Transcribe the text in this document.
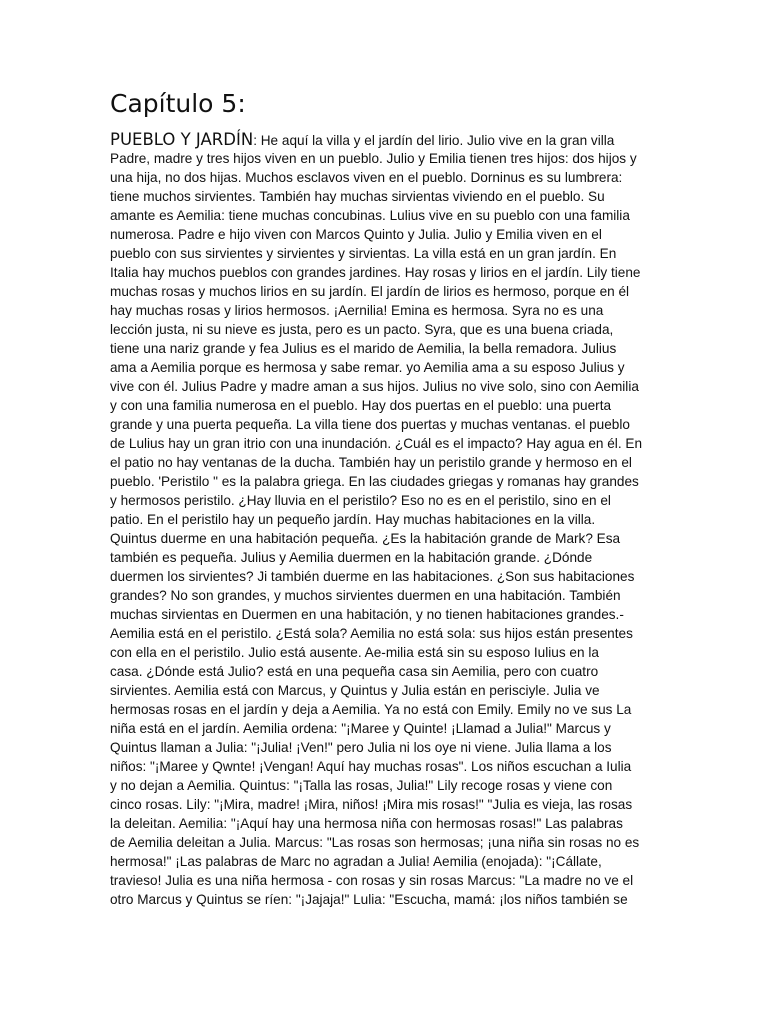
Capítulo 5:
PUEBLO Y JARDÍN: He aquí la villa y el jardín del lirio. Julio vive en la gran villa
Padre, madre y tres hijos viven en un pueblo. Julio y Emilia tienen tres hijos: dos hijos y
una hija, no dos hijas. Muchos esclavos viven en el pueblo. Dorninus es su lumbrera:
tiene muchos sirvientes. También hay muchas sirvientas viviendo en el pueblo. Su
amante es Aemilia: tiene muchas concubinas. Lulius vive en su pueblo con una familia
numerosa. Padre e hijo viven con Marcos Quinto y Julia. Julio y Emilia viven en el
pueblo con sus sirvientes y sirvientes y sirvientas. La villa está en un gran jardín. En
Italia hay muchos pueblos con grandes jardines. Hay rosas y lirios en el jardín. Lily tiene
muchas rosas y muchos lirios en su jardín. El jardín de lirios es hermoso, porque en él
hay muchas rosas y lirios hermosos. ¡Aernilia! Emina es hermosa. Syra no es una
lección justa, ni su nieve es justa, pero es un pacto. Syra, que es una buena criada,
tiene una nariz grande y fea Julius es el marido de Aemilia, la bella remadora. Julius
ama a Aemilia porque es hermosa y sabe remar. yo Aemilia ama a su esposo Julius y
vive con él. Julius Padre y madre aman a sus hijos. Julius no vive solo, sino con Aemilia
y con una familia numerosa en el pueblo. Hay dos puertas en el pueblo: una puerta
grande y una puerta pequeña. La villa tiene dos puertas y muchas ventanas. el pueblo
de Lulius hay un gran itrio con una inundación. ¿Cuál es el impacto? Hay agua en él. En
el patio no hay ventanas de la ducha. También hay un peristilo grande y hermoso en el
pueblo. 'Peristilo " es la palabra griega. En las ciudades griegas y romanas hay grandes
y hermosos peristilo. ¿Hay lluvia en el peristilo? Eso no es en el peristilo, sino en el
patio. En el peristilo hay un pequeño jardín. Hay muchas habitaciones en la villa.
Quintus duerme en una habitación pequeña. ¿Es la habitación grande de Mark? Esa
también es pequeña. Julius y Aemilia duermen en la habitación grande. ¿Dónde
duermen los sirvientes? Ji también duerme en las habitaciones. ¿Son sus habitaciones
grandes? No son grandes, y muchos sirvientes duermen en una habitación. También
muchas sirvientas en Duermen en una habitación, y no tienen habitaciones grandes.-
Aemilia está en el peristilo. ¿Está sola? Aemilia no está sola: sus hijos están presentes
con ella en el peristilo. Julio está ausente. Ae-milia está sin su esposo Iulius en la
casa. ¿Dónde está Julio? está en una pequeña casa sin Aemilia, pero con cuatro
sirvientes. Aemilia está con Marcus, y Quintus y Julia están en perisciyle. Julia ve
hermosas rosas en el jardín y deja a Aemilia. Ya no está con Emily. Emily no ve sus La
niña está en el jardín. Aemilia ordena: "¡Maree y Quinte! ¡Llamad a Julia!" Marcus y
Quintus llaman a Julia: "¡Julia! ¡Ven!" pero Julia ni los oye ni viene. Julia llama a los
niños: "¡Maree y Qwnte! ¡Vengan! Aquí hay muchas rosas". Los niños escuchan a Iulia
y no dejan a Aemilia. Quintus: "¡Talla las rosas, Julia!" Lily recoge rosas y viene con
cinco rosas. Lily: "¡Mira, madre! ¡Mira, niños! ¡Mira mis rosas!" "Julia es vieja, las rosas
la deleitan. Aemilia: "¡Aquí hay una hermosa niña con hermosas rosas!" Las palabras
de Aemilia deleitan a Julia. Marcus: "Las rosas son hermosas; ¡una niña sin rosas no es
hermosa!" ¡Las palabras de Marc no agradan a Julia! Aemilia (enojada): "¡Cállate,
travieso! Julia es una niña hermosa - con rosas y sin rosas Marcus: "La madre no ve el
otro Marcus y Quintus se ríen: "¡Jajaja!" Lulia: "Escucha, mamá: ¡los niños también se
